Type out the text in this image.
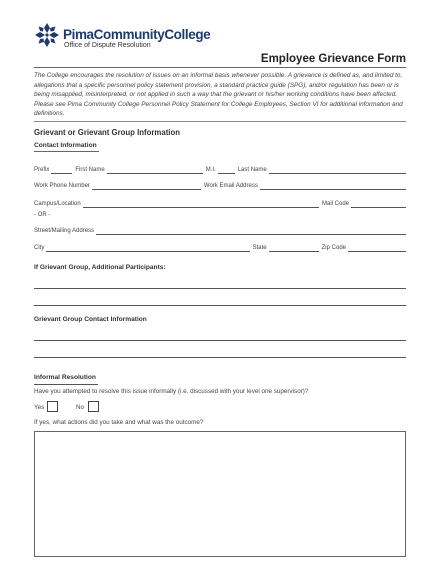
PimaCommunityCollege
Office of Dispute Resolution
Employee Grievance Form
The College encourages the resolution of issues on an informal basis whenever possible. A grievance is defined as, and limited to, allegations that a specific personnel policy statement provision, a standard practice guide (SPG), and/or regulation has been or is being misapplied, misinterpreted, or not applied in such a way that the grievant or his/her working conditions have been affected. Please see Pima Community College Personnel Policy Statement for College Employees, Section VI for additional information and definitions.
Grievant or Grievant Group Information
Contact Information
Prefix	First Name	M.I.	Last Name
Work Phone Number	Work Email Address
Campus/Location	Mail Code
- OR -
Street/Mailing Address
City	State	Zip Code
If Grievant Group, Additional Participants:
Grievant Group Contact Information
Informal Resolution
Have you attempted to resolve this issue informally (i.e. discussed with your level one supervisor)?
Yes	No
If yes, what actions did you take and what was the outcome?
